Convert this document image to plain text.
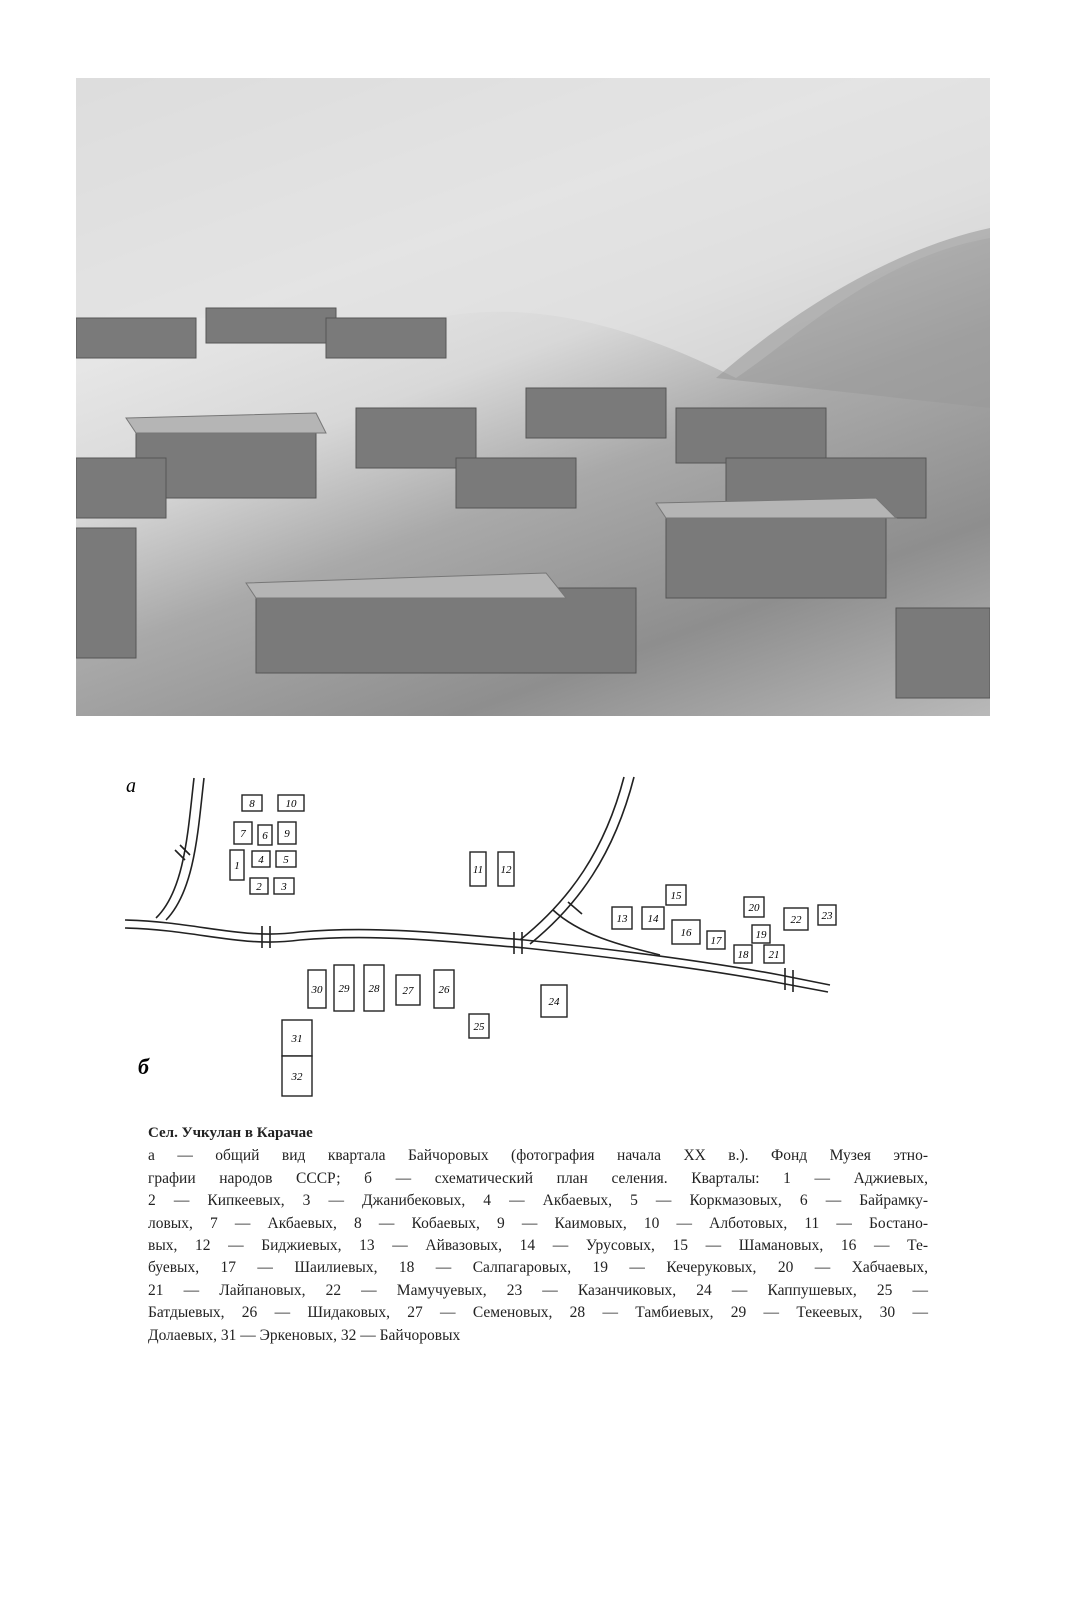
a
б
1
2 3
4 5
6
7
8
9
10
11 12
13 14
15
16
17
18
19
20
21
22 23
24
25
26
27
28
29
30
31
32
Сел. Учкулан в Карачае
а — общий вид квартала Байчоровых (фотография начала XX в.). Фонд Музея этно-
графии народов СССР; б — схематический план селения. Кварталы: 1 — Аджиевых,
2 — Кипкеевых, 3 — Джанибековых, 4 — Акбаевых, 5 — Коркмазовых, 6 — Байрамку-
ловых, 7 — Акбаевых, 8 — Кобаевых, 9 — Каимовых, 10 — Алботовых, 11 — Бостано-
вых, 12 — Биджиевых, 13 — Айвазовых, 14 — Урусовых, 15 — Шамановых, 16 — Те-
буевых, 17 — Шаилиевых, 18 — Салпагаровых, 19 — Кечеруковых, 20 — Хабчаевых,
21 — Лайпановых, 22 — Мамучуевых, 23 — Казанчиковых, 24 — Каппушевых, 25 —
Батдыевых, 26 — Шидаковых, 27 — Семеновых, 28 — Тамбиевых, 29 — Текеевых, 30 —
Долаевых, 31 — Эркеновых, 32 — Байчоровых
